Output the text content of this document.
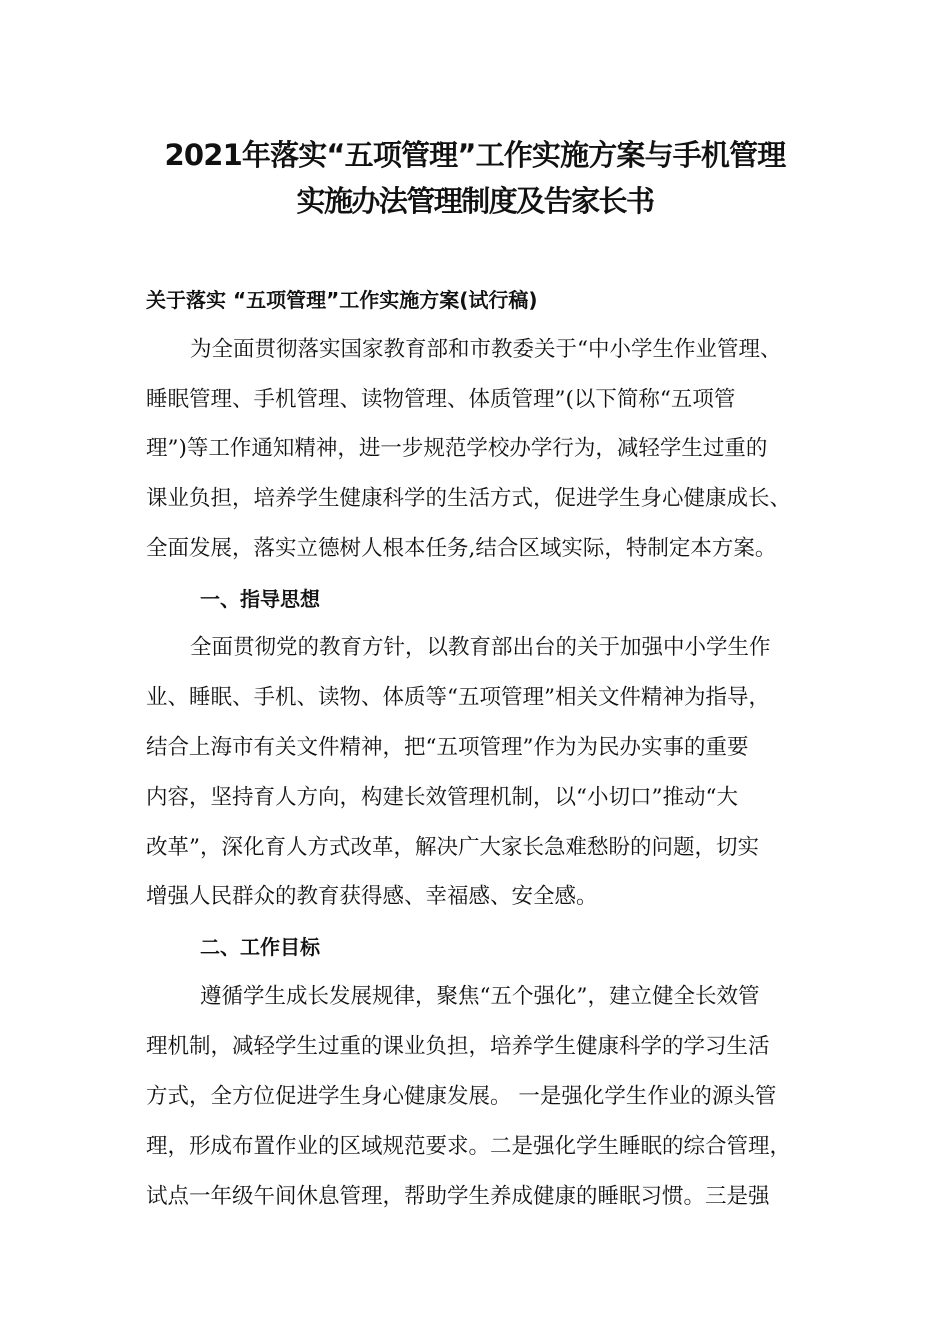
2021年落实“五项管理”工作实施方案与手机管理
实施办法管理制度及告家长书
关于落实 “五项管理”工作实施方案(试行稿)
为全面贯彻落实国家教育部和市教委关于“中小学生作业管理、
睡眠管理、手机管理、读物管理、体质管理”(以下简称“五项管
理”)等工作通知精神，进一步规范学校办学行为，减轻学生过重的
课业负担，培养学生健康科学的生活方式，促进学生身心健康成长、
全面发展，落实立德树人根本任务,结合区域实际，特制定本方案。
一、指导思想
全面贯彻党的教育方针，以教育部出台的关于加强中小学生作
业、睡眠、手机、读物、体质等“五项管理”相关文件精神为指导，
结合上海市有关文件精神，把“五项管理”作为为民办实事的重要
内容，坚持育人方向，构建长效管理机制，以“小切口”推动“大
改革”，深化育人方式改革，解决广大家长急难愁盼的问题，切实
增强人民群众的教育获得感、幸福感、安全感。
二、工作目标
遵循学生成长发展规律，聚焦“五个强化”，建立健全长效管
理机制，减轻学生过重的课业负担，培养学生健康科学的学习生活
方式，全方位促进学生身心健康发展。 一是强化学生作业的源头管
理，形成布置作业的区域规范要求。二是强化学生睡眠的综合管理，
试点一年级午间休息管理，帮助学生养成健康的睡眠习惯。三是强
